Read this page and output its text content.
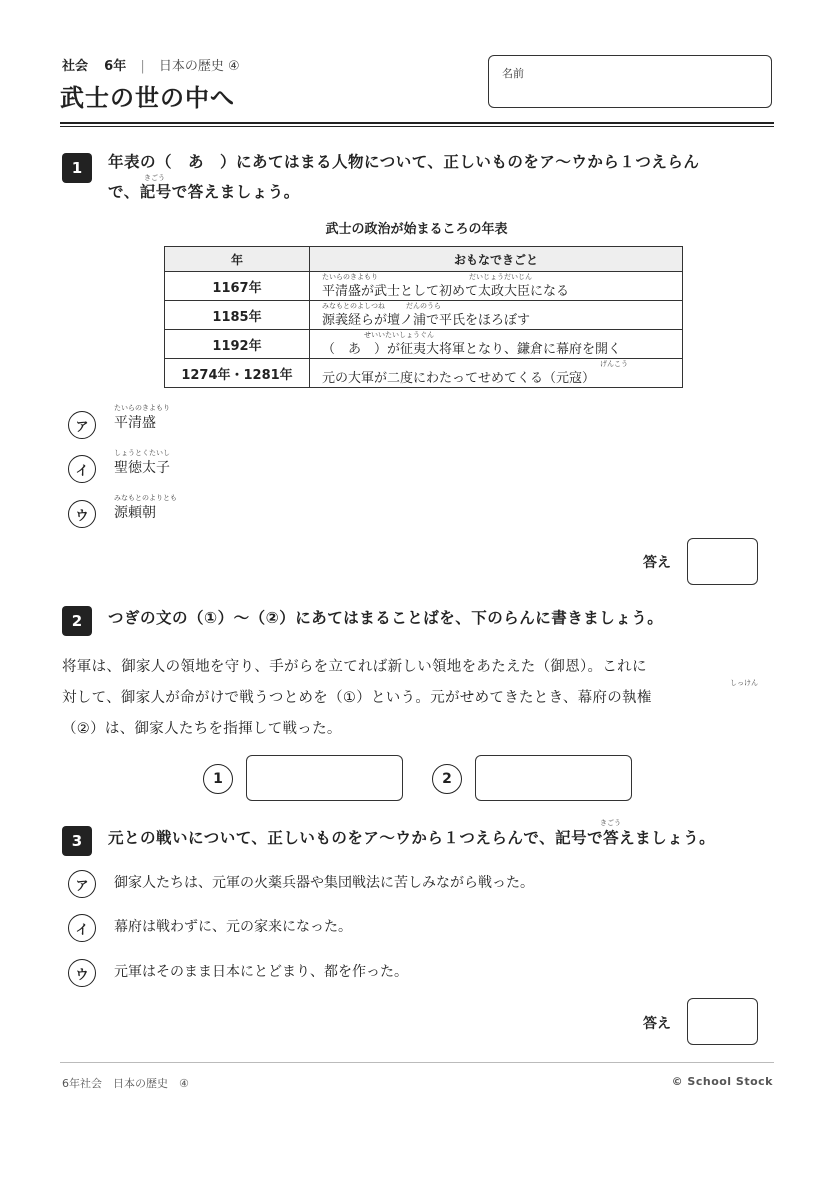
社会 6年 | 日本の歴史 ④
武士の世の中へ
名前
1	年表の（　あ　）にあてはまる人物について、正しいものをア〜ウから１つえらん
きごう
で、記号で答えましょう。
武士の政治が始まるころの年表
年	おもなできごと
1167年	たいらのきよもり　　　　　　　　　　　　　だいじょうだいじん
平清盛が武士として初めて太政大臣になる
1185年	みなもとのよしつね　　　だんのうら
源義経らが壇ノ浦で平氏をほろぼす
1192年	　　　　　　せいいたいしょうぐん
（　あ　）が征夷大将軍となり、鎌倉に幕府を開く
1274年・1281年	げんこう
元の大軍が二度にわたってせめてくる（元寇）
ア
たいらのきよもり
平清盛
イ
しょうとくたいし
聖徳太子
ウ
みなもとのよりとも
源頼朝
答え
2	つぎの文の（①）〜（②）にあてはまることばを、下のらんに書きましょう。
将軍は、御家人の領地を守り、手がらを立てれば新しい領地をあたえた（御恩）。これに
しっけん
対して、御家人が命がけで戦うつとめを（①）という。元がせめてきたとき、幕府の執権
（②）は、御家人たちを指揮して戦った。
1	2
3
きごう
元との戦いについて、正しいものをア〜ウから１つえらんで、記号で答えましょう。
ア	御家人たちは、元軍の火薬兵器や集団戦法に苦しみながら戦った。
イ	幕府は戦わずに、元の家来になった。
ウ	元軍はそのまま日本にとどまり、都を作った。
答え
6年社会　日本の歴史　④	© School Stock
